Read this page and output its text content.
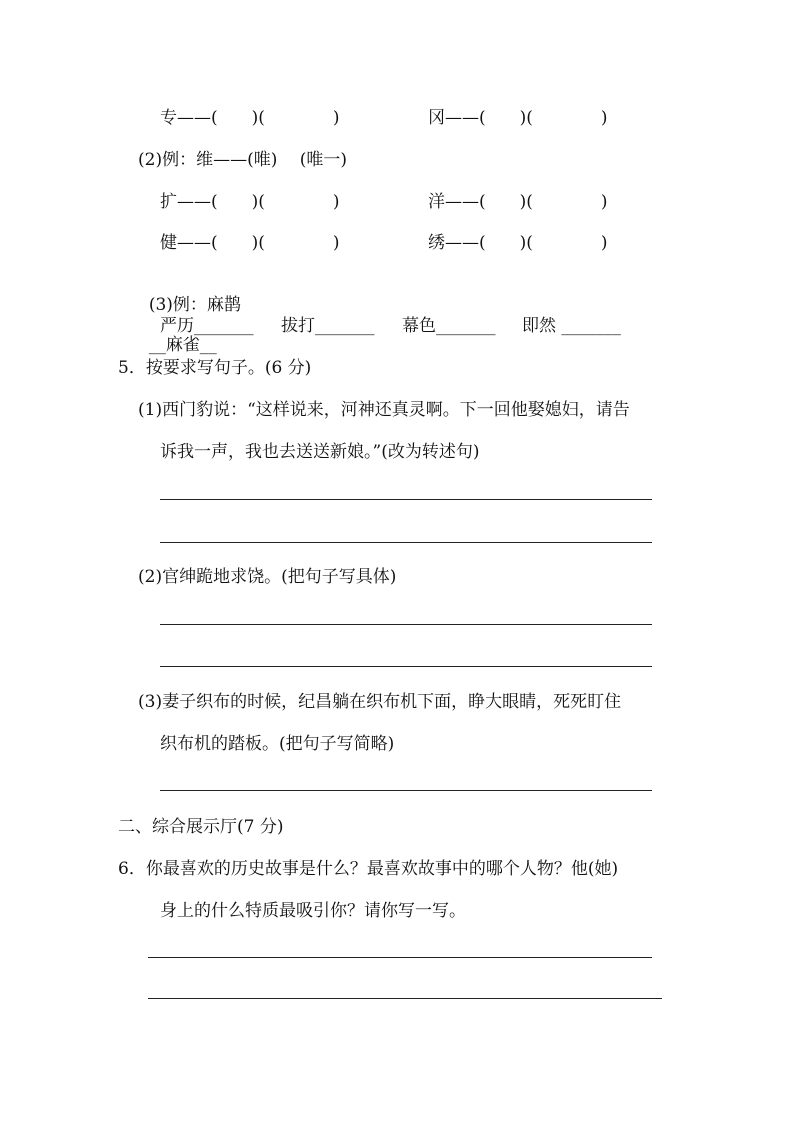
专——(　　)(　　　　)	冈——(　　)(　　　　)
(2)例：维——(唯)　 (唯一)
扩——(　　)(　　　　)	洋——(　　)(　　　　)
健——(　　)(　　　　)	绣——(　　)(　　　　)

(3)例：麻鹊

__麻雀__

严历_______ 拔打_______ 幕色_______ 即然 _______
5．按要求写句子。(6 分)
(1)西门豹说：“这样说来，河神还真灵啊。下一回他娶媳妇，请告
诉我一声，我也去送送新娘。”(改为转述句)
(2)官绅跪地求饶。(把句子写具体)
(3)妻子织布的时候，纪昌躺在织布机下面，睁大眼睛，死死盯住
织布机的踏板。(把句子写简略)
二、综合展示厅(7 分)
6．你最喜欢的历史故事是什么？最喜欢故事中的哪个人物？他(她)
身上的什么特质最吸引你？请你写一写。
